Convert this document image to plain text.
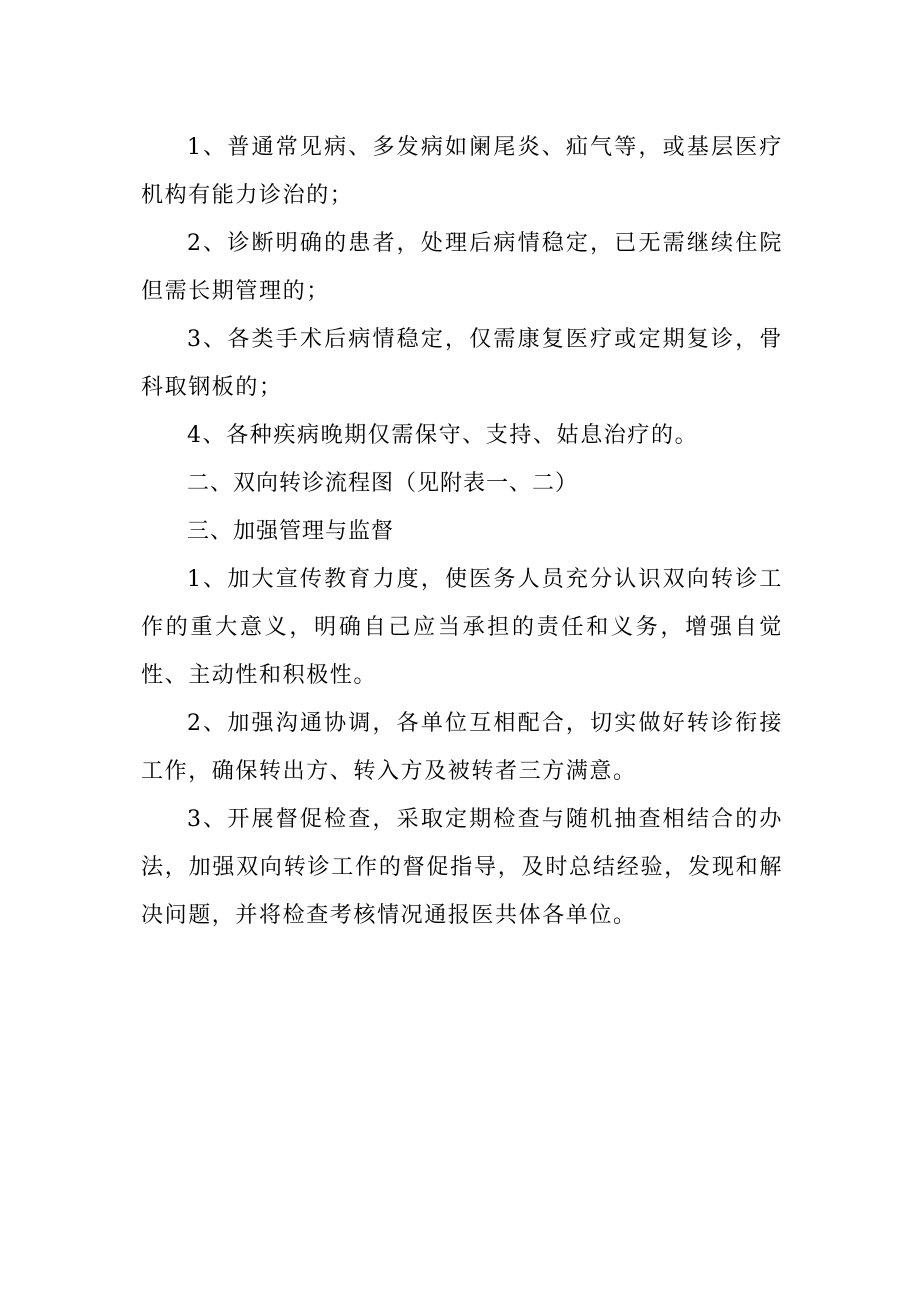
1、普通常见病、多发病如阑尾炎、疝气等，或基层医疗机构有能力诊治的；

2、诊断明确的患者，处理后病情稳定，已无需继续住院但需长期管理的；

3、各类手术后病情稳定，仅需康复医疗或定期复诊，骨科取钢板的；

4、各种疾病晚期仅需保守、支持、姑息治疗的。

二、双向转诊流程图（见附表一、二）

三、加强管理与监督

1、加大宣传教育力度，使医务人员充分认识双向转诊工作的重大意义，明确自己应当承担的责任和义务，增强自觉性、主动性和积极性。

2、加强沟通协调，各单位互相配合，切实做好转诊衔接工作，确保转出方、转入方及被转者三方满意。

3、开展督促检查，采取定期检查与随机抽查相结合的办法，加强双向转诊工作的督促指导，及时总结经验，发现和解决问题，并将检查考核情况通报医共体各单位。
